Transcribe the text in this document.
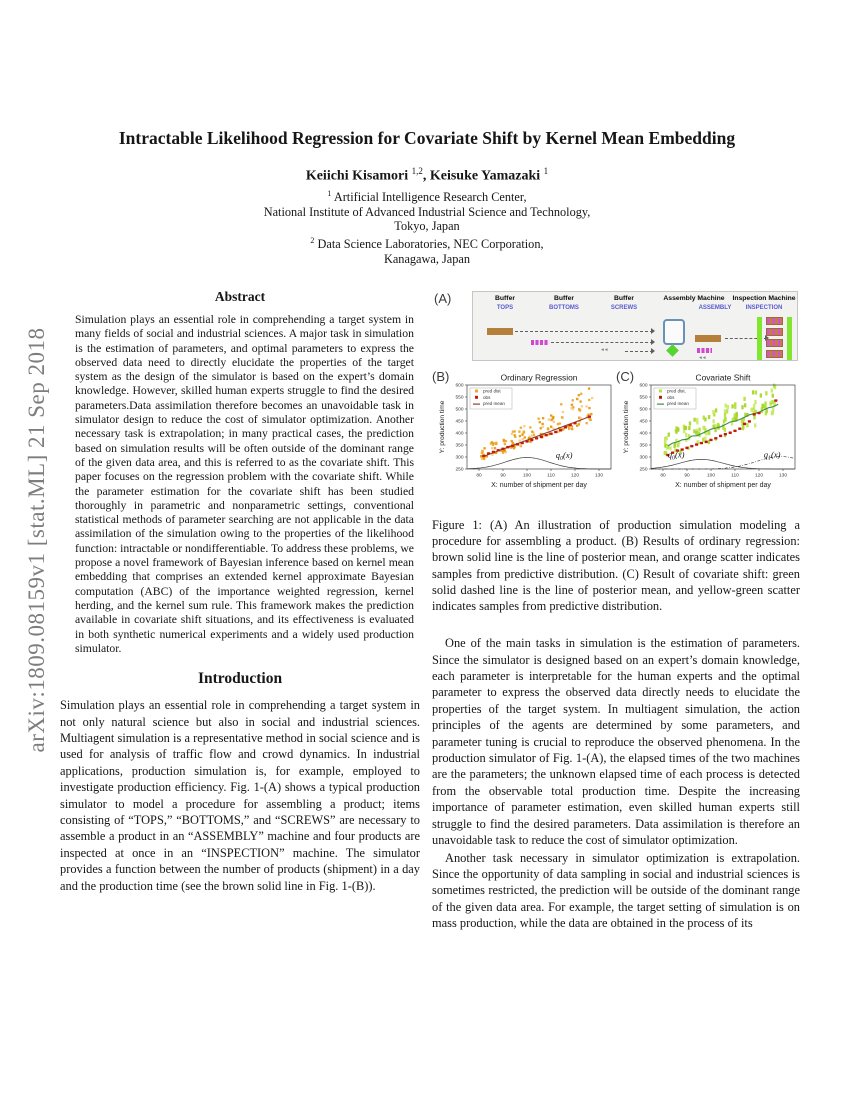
arXiv:1809.08159v1 [stat.ML] 21 Sep 2018
Intractable Likelihood Regression for Covariate Shift by Kernel Mean Embedding
Keiichi Kisamori $^{1,2}$, Keisuke Yamazaki $^1$
$^1$ Artificial Intelligence Research Center,
National Institute of Advanced Industrial Science and Technology,
Tokyo, Japan
$^2$ Data Science Laboratories, NEC Corporation,
Kanagawa, Japan
Abstract
Simulation plays an essential role in comprehending a target system in many fields of social and industrial sciences. A major task in simulation is the estimation of parameters, and optimal parameters to express the observed data need to directly elucidate the properties of the target system as the design of the simulator is based on the expert’s domain knowledge. However, skilled human experts struggle to find the desired parameters.Data assimilation therefore becomes an unavoidable task in simulator design to reduce the cost of simulator optimization. Another necessary task is extrapolation; in many practical cases, the prediction based on simulation results will be often outside of the dominant range of the given data area, and this is referred to as the covariate shift. This paper focuses on the regression problem with the covariate shift. While the parameter estimation for the covariate shift has been studied thoroughly in parametric and nonparametric settings, conventional statistical methods of parameter searching are not applicable in the data assimilation of the simulation owing to the properties of the likelihood function: intractable or nondifferentiable. To address these problems, we propose a novel framework of Bayesian inference based on kernel mean embedding that comprises an extended kernel approximate Bayesian computation (ABC) of the importance weighted regression, kernel herding, and the kernel sum rule. This framework makes the prediction available in covariate shift situations, and its effectiveness is evaluated in both synthetic numerical experiments and a widely used production simulator.
Introduction

Simulation plays an essential role in comprehending a target system in not only natural science but also in social and industrial sciences. Multiagent simulation is a representative method in social science and is used for analysis of traffic flow and crowd dynamics. In industrial applications, production simulation is, for example, employed to investigate production efficiency. Fig. 1-(A) shows a typical production simulator to model a procedure for assembling a product; items consisting of “TOPS,” “BOTTOMS,” and “SCREWS” are necessary to assemble a product in an “ASSEMBLY” machine and four products are inspected at once in an “INSPECTION” machine. The simulator provides a function between the number of products (shipment) in a day and the production time (see the brown solid line in Fig. 1-(B)).

(A)	Buffer
TOPS
Buffer
BOTTOMS
Buffer
SCREWS
Assembly Machine
ASSEMBLY
Inspection Machine
INSPECTION
◂◂
◂◂
(B)
80	90	100	110	120	130
250
300
350
400
450
500
550
600
Ordinary Regression
X: number of shipment per day
Y: production time
pred dist
obs
pred mean
$q_0(x)$
(C)
80	90	100	110	120	130
250
300
350
400
450
500
550
600
Covariate Shift
X: number of shipment per day
Y: production time
pred dist.
obs
pred mean
$q_0(x)$	$q_1(x)$
Figure 1: (A) An illustration of production simulation modeling a procedure for assembling a product. (B) Results of ordinary regression: brown solid line is the line of posterior mean, and orange scatter indicates samples from predictive distribution. (C) Result of covariate shift: green solid dashed line is the line of posterior mean, and yellow-green scatter indicates samples from predictive distribution.

One of the main tasks in simulation is the estimation of parameters. Since the simulator is designed based on an expert’s domain knowledge, each parameter is interpretable for the human experts and the optimal parameter to express the observed data directly needs to elucidate the properties of the target system. In multiagent simulation, the action principles of the agents are determined by some parameters, and parameter tuning is crucial to reproduce the observed phenomena. In the production simulator of Fig. 1-(A), the elapsed times of the two machines are the parameters; the unknown elapsed time of each process is detected from the observable total production time. Despite the increasing importance of parameter estimation, even skilled human experts still struggle to find the desired parameters. Data assimilation is therefore an unavoidable task to reduce the cost of simulator optimization.

Another task necessary in simulator optimization is extrapolation. Since the opportunity of data sampling in social and industrial sciences is sometimes restricted, the prediction will be outside of the dominant range of the given data area. For example, the target setting of simulation is on mass production, while the data are obtained in the process of its
